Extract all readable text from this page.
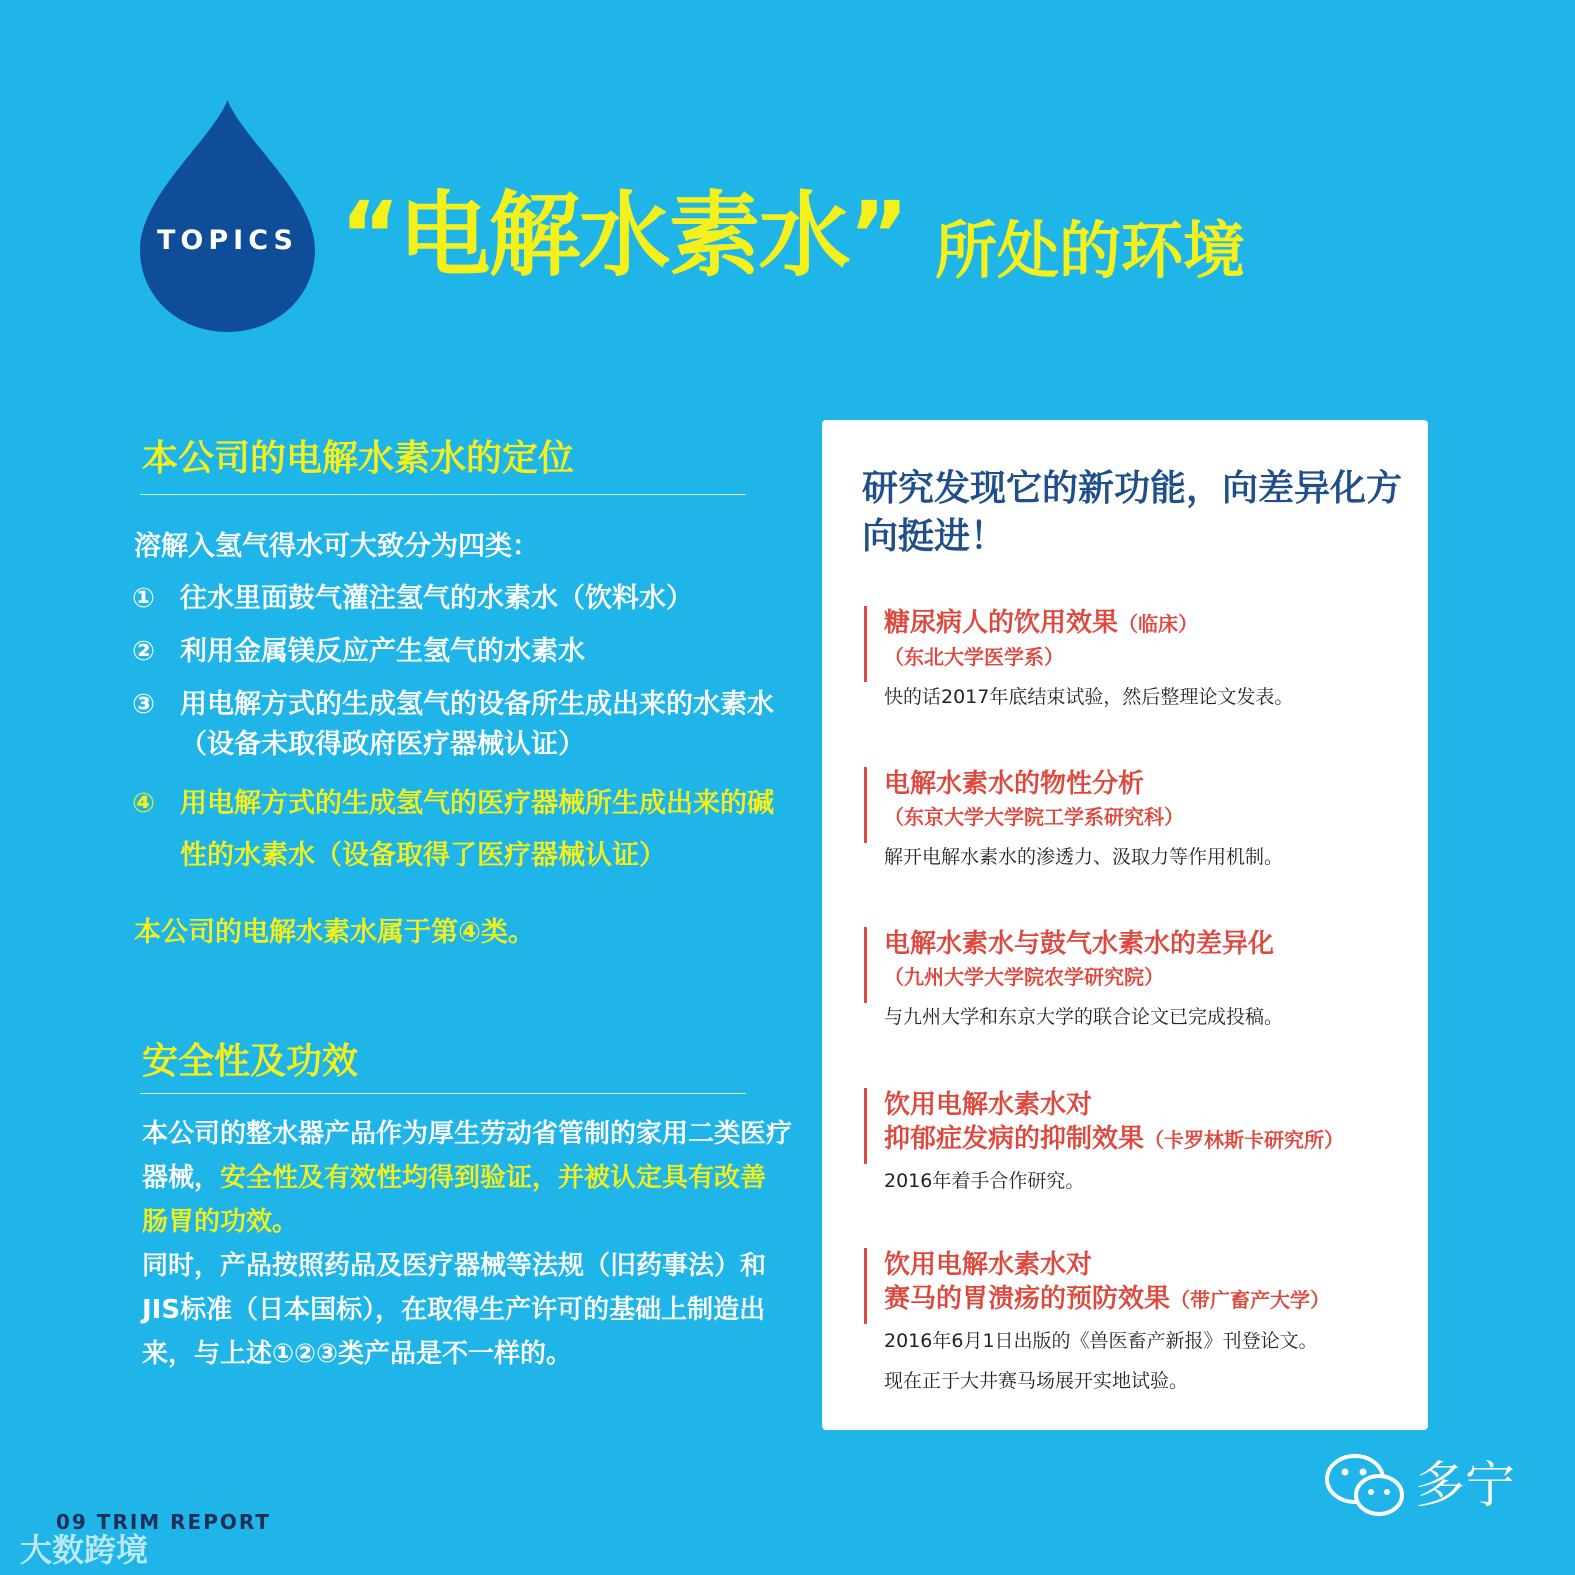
TOPICS “电解水素水” 所处的环境
本公司的电解水素水的定位
溶解入氢气得水可大致分为四类：
① 往水里面鼓气灌注氢气的水素水（饮料水）
② 利用金属镁反应产生氢气的水素水
③ 用电解方式的生成氢气的设备所生成出来的水素水（设备未取得政府医疗器械认证）
④ 用电解方式的生成氢气的医疗器械所生成出来的碱性的水素水（设备取得了医疗器械认证）
本公司的电解水素水属于第④类。
安全性及功效
本公司的整水器产品作为厚生劳动省管制的家用二类医疗器械，安全性及有效性均得到验证，并被认定具有改善肠胃的功效。
同时，产品按照药品及医疗器械等法规（旧药事法）和JIS标准（日本国标），在取得生产许可的基础上制造出来，与上述①②③类产品是不一样的。
研究发现它的新功能，向差异化方向挺进！
糖尿病人的饮用效果（临床）
（东北大学医学系）
快的话2017年底结束试验，然后整理论文发表。
电解水素水的物性分析
（东京大学大学院工学系研究科）
解开电解水素水的渗透力、汲取力等作用机制。
电解水素水与鼓气水素水的差异化
（九州大学大学院农学研究院）
与九州大学和东京大学的联合论文已完成投稿。
饮用电解水素水对
抑郁症发病的抑制效果（卡罗林斯卡研究所）
2016年着手合作研究。
饮用电解水素水对
赛马的胃溃疡的预防效果（带广畜产大学）
2016年6月1日出版的《兽医畜产新报》刊登论文。
现在正于大井赛马场展开实地试验。
09 TRIM REPORT
大数跨境
多宁
